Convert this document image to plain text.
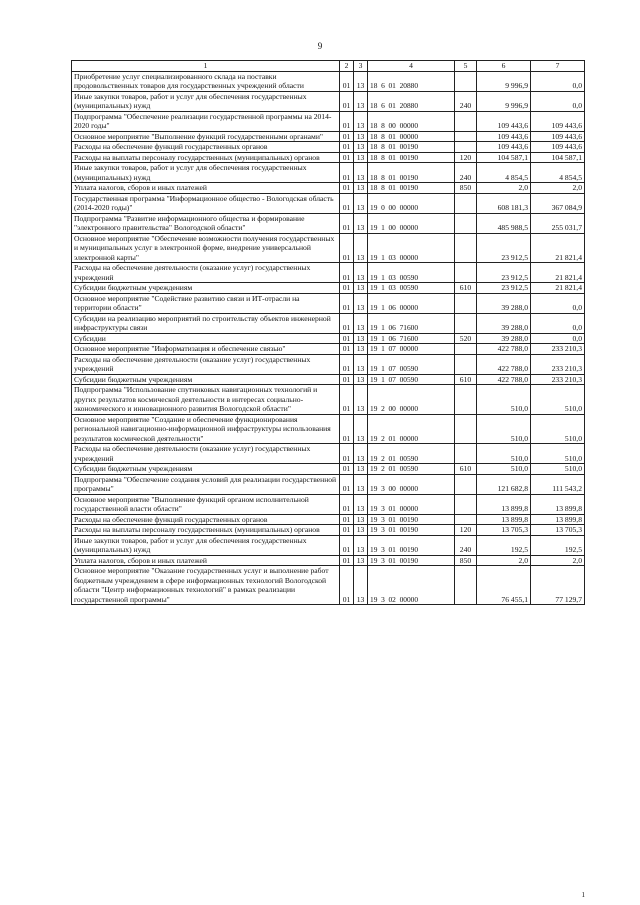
9
1	2	3	4	5	6	7
Приобретение услуг специализированного склада на поставки продовольственных товаров для государственных учреждений области	01	13	18  6  01  20880		9 996,9	0,0
Иные закупки товаров, работ и услуг для обеспечения государственных (муниципальных) нужд	01	13	18  6  01  20880	240	9 996,9	0,0
Подпрограмма "Обеспечение реализации государственной программы на 2014-2020 годы"	01	13	18  8  00  00000		109 443,6	109 443,6
Основное мероприятие "Выполнение функций государственными органами"	01	13	18  8  01  00000		109 443,6	109 443,6
Расходы на обеспечение функций государственных органов	01	13	18  8  01  00190		109 443,6	109 443,6
Расходы на выплаты персоналу государственных (муниципальных) органов	01	13	18  8  01  00190	120	104 587,1	104 587,1
Иные закупки товаров, работ и услуг для обеспечения государственных (муниципальных) нужд	01	13	18  8  01  00190	240	4 854,5	4 854,5
Уплата налогов, сборов и иных платежей	01	13	18  8  01  00190	850	2,0	2,0
Государственная программа "Информационное общество - Вологодская область (2014-2020 годы)"	01	13	19  0  00  00000		608 181,3	367 084,9
Подпрограмма "Развитие информационного общества и формирование "электронного правительства" Вологодской области"	01	13	19  1  00  00000		485 988,5	255 031,7
Основное мероприятие "Обеспечение возможности получения государственных и муниципальных услуг в электронной форме, внедрение универсальной электронной карты"	01	13	19  1  03  00000		23 912,5	21 821,4
Расходы на обеспечение деятельности (оказание услуг) государственных учреждений	01	13	19  1  03  00590		23 912,5	21 821,4
Субсидии бюджетным учреждениям	01	13	19  1  03  00590	610	23 912,5	21 821,4
Основное мероприятие "Содействие развитию связи и ИТ-отрасли на территории области"	01	13	19  1  06  00000		39 288,0	0,0
Субсидии на реализацию мероприятий по строительству объектов инженерной инфраструктуры связи	01	13	19  1  06  71600		39 288,0	0,0
Субсидии	01	13	19  1  06  71600	520	39 288,0	0,0
Основное мероприятие "Информатизация и обеспечение связью"	01	13	19  1  07  00000		422 788,0	233 210,3
Расходы на обеспечение деятельности (оказание услуг) государственных учреждений	01	13	19  1  07  00590		422 788,0	233 210,3
Субсидии бюджетным учреждениям	01	13	19  1  07  00590	610	422 788,0	233 210,3
Подпрограмма "Использование спутниковых навигационных технологий и других результатов космической деятельности в интересах социально-экономического и инновационного развития Вологодской области"	01	13	19  2  00  00000		510,0	510,0
Основное мероприятие "Создание и обеспечение функционирования региональной навигационно-информационной инфраструктуры использования результатов космической деятельности"	01	13	19  2  01  00000		510,0	510,0
Расходы на обеспечение деятельности (оказание услуг) государственных учреждений	01	13	19  2  01  00590		510,0	510,0
Субсидии бюджетным учреждениям	01	13	19  2  01  00590	610	510,0	510,0
Подпрограмма "Обеспечение создания условий для реализации государственной программы"	01	13	19  3  00  00000		121 682,8	111 543,2
Основное мероприятие "Выполнение функций органом исполнительной государственной власти области"	01	13	19  3  01  00000		13 899,8	13 899,8
Расходы на обеспечение функций государственных органов	01	13	19  3  01  00190		13 899,8	13 899,8
Расходы на выплаты персоналу государственных (муниципальных) органов	01	13	19  3  01  00190	120	13 705,3	13 705,3
Иные закупки товаров, работ и услуг для обеспечения государственных (муниципальных) нужд	01	13	19  3  01  00190	240	192,5	192,5
Уплата налогов, сборов и иных платежей	01	13	19  3  01  00190	850	2,0	2,0
Основное мероприятие "Оказание государственных услуг и выполнение работ бюджетным учреждением в сфере информационных технологий Вологодской области "Центр информационных технологий" в рамках реализации государственной программы"	01	13	19  3  02  00000		76 455,1	77 129,7
1
